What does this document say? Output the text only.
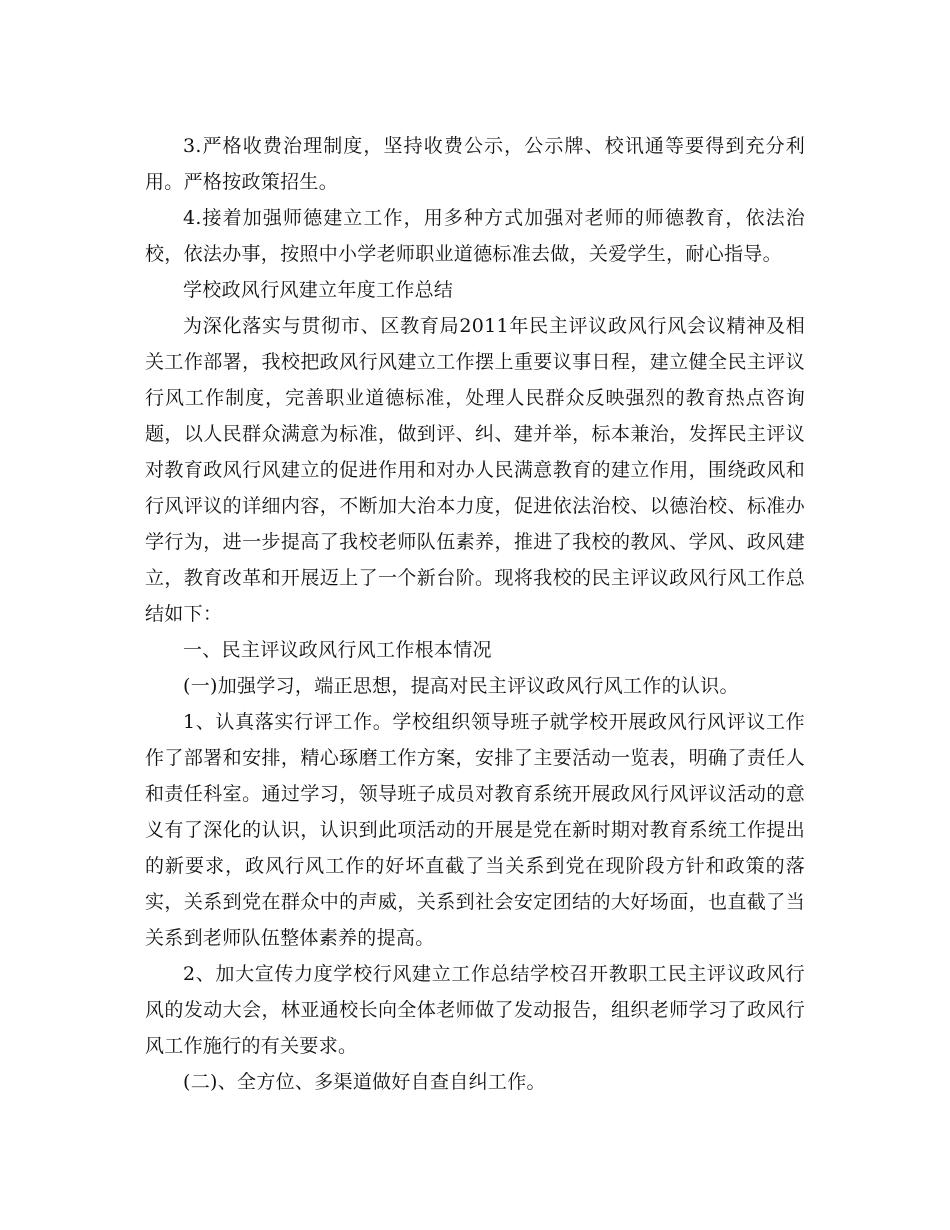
3.严格收费治理制度，坚持收费公示，公示牌、校讯通等要得到充分利用。严格按政策招生。

4.接着加强师德建立工作，用多种方式加强对老师的师德教育，依法治校，依法办事，按照中小学老师职业道德标准去做，关爱学生，耐心指导。

学校政风行风建立年度工作总结

为深化落实与贯彻市、区教育局2011年民主评议政风行风会议精神及相关工作部署，我校把政风行风建立工作摆上重要议事日程，建立健全民主评议行风工作制度，完善职业道德标准，处理人民群众反映强烈的教育热点咨询题，以人民群众满意为标准，做到评、纠、建并举，标本兼治，发挥民主评议对教育政风行风建立的促进作用和对办人民满意教育的建立作用，围绕政风和行风评议的详细内容，不断加大治本力度，促进依法治校、以德治校、标准办学行为，进一步提高了我校老师队伍素养，推进了我校的教风、学风、政风建立，教育改革和开展迈上了一个新台阶。现将我校的民主评议政风行风工作总结如下：

一、民主评议政风行风工作根本情况

(一)加强学习，端正思想，提高对民主评议政风行风工作的认识。

1、认真落实行评工作。学校组织领导班子就学校开展政风行风评议工作作了部署和安排，精心琢磨工作方案，安排了主要活动一览表，明确了责任人和责任科室。通过学习，领导班子成员对教育系统开展政风行风评议活动的意义有了深化的认识，认识到此项活动的开展是党在新时期对教育系统工作提出的新要求，政风行风工作的好坏直截了当关系到党在现阶段方针和政策的落实，关系到党在群众中的声威，关系到社会安定团结的大好场面，也直截了当关系到老师队伍整体素养的提高。

2、加大宣传力度学校行风建立工作总结学校召开教职工民主评议政风行风的发动大会，林亚通校长向全体老师做了发动报告，组织老师学习了政风行风工作施行的有关要求。

(二)、全方位、多渠道做好自查自纠工作。
